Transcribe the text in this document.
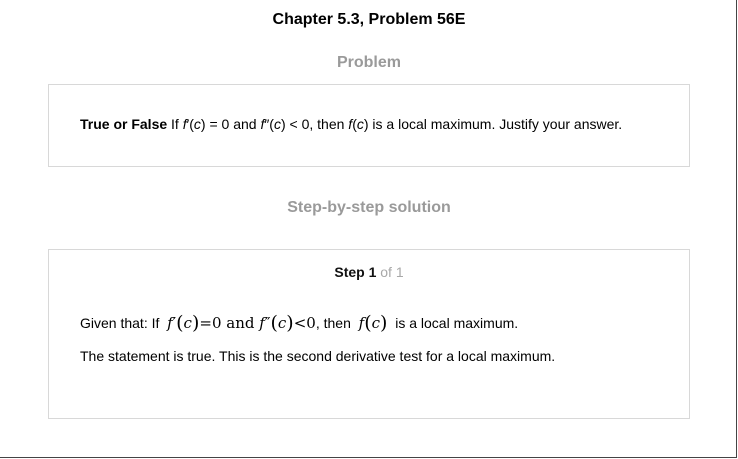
Chapter 5.3, Problem 56E
Problem
True or False If f′(c) = 0 and f″(c) < 0, then f(c) is a local maximum. Justify your answer.
Step-by-step solution
Step 1 of 1
Given that: If f′(c)=0 and f″(c)<0, then f(c) is a local maximum.
The statement is true. This is the second derivative test for a local maximum.
